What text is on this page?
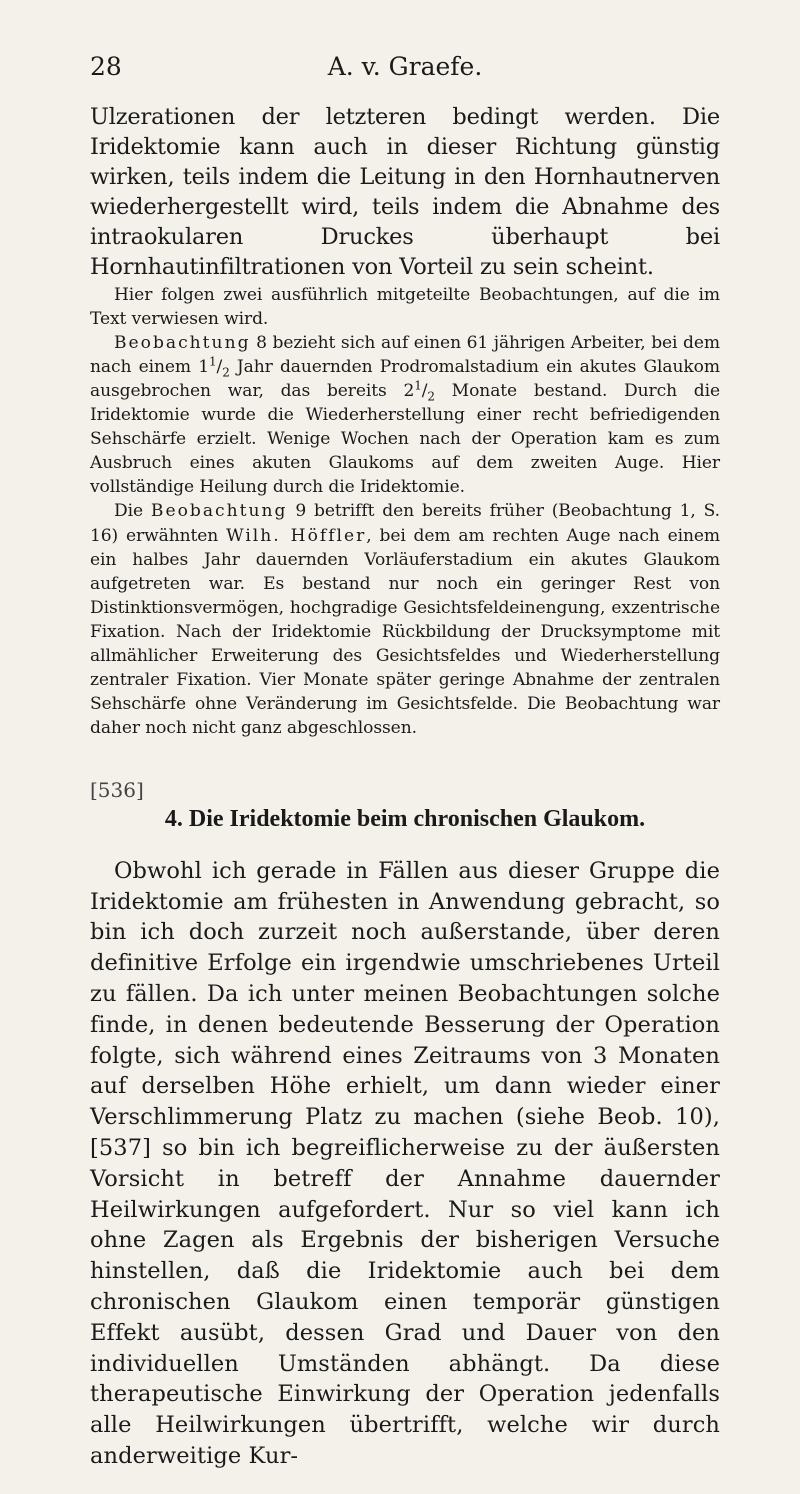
28	A. v. Graefe.

Ulzerationen der letzteren bedingt werden. Die Iridektomie kann auch in dieser Richtung günstig wirken, teils indem die Leitung in den Hornhautnerven wiederhergestellt wird, teils indem die Abnahme des intraokularen Druckes überhaupt bei Hornhautinfiltrationen von Vorteil zu sein scheint.

Hier folgen zwei ausführlich mitgeteilte Beobachtungen, auf die im Text verwiesen wird.

Beobachtung 8 bezieht sich auf einen 61 jährigen Arbeiter, bei dem nach einem $1^1/_2$ Jahr dauernden Prodromalstadium ein akutes Glaukom ausgebrochen war, das bereits $2^1/_2$ Monate bestand. Durch die Iridektomie wurde die Wiederherstellung einer recht befriedigenden Sehschärfe erzielt. Wenige Wochen nach der Operation kam es zum Ausbruch eines akuten Glaukoms auf dem zweiten Auge. Hier vollständige Heilung durch die Iridektomie.

Die Beobachtung 9 betrifft den bereits früher (Beobachtung 1, S. 16) erwähnten Wilh. Höffler, bei dem am rechten Auge nach einem ein halbes Jahr dauernden Vorläuferstadium ein akutes Glaukom aufgetreten war. Es bestand nur noch ein geringer Rest von Distinktionsvermögen, hochgradige Gesichtsfeldeinengung, exzentrische Fixation. Nach der Iridektomie Rückbildung der Drucksymptome mit allmählicher Erweiterung des Gesichtsfeldes und Wiederherstellung zentraler Fixation. Vier Monate später geringe Abnahme der zentralen Sehschärfe ohne Veränderung im Gesichtsfelde. Die Beobachtung war daher noch nicht ganz abgeschlossen.

[536]
4. Die Iridektomie beim chronischen Glaukom.

Obwohl ich gerade in Fällen aus dieser Gruppe die Iridektomie am frühesten in Anwendung gebracht, so bin ich doch zurzeit noch außerstande, über deren definitive Erfolge ein irgendwie umschriebenes Urteil zu fällen. Da ich unter meinen Beobachtungen solche finde, in denen bedeutende Besserung der Operation folgte, sich während eines Zeitraums von 3 Monaten auf derselben Höhe erhielt, um dann wieder einer Verschlimmerung Platz zu machen (siehe Beob. 10), [537] so bin ich begreiflicherweise zu der äußersten Vorsicht in betreff der Annahme dauernder Heilwirkungen aufgefordert. Nur so viel kann ich ohne Zagen als Ergebnis der bisherigen Versuche hinstellen, daß die Iridektomie auch bei dem chronischen Glaukom einen temporär günstigen Effekt ausübt, dessen Grad und Dauer von den individuellen Umständen abhängt. Da diese therapeutische Einwirkung der Operation jedenfalls alle Heilwirkungen übertrifft, welche wir durch anderweitige Kur-
